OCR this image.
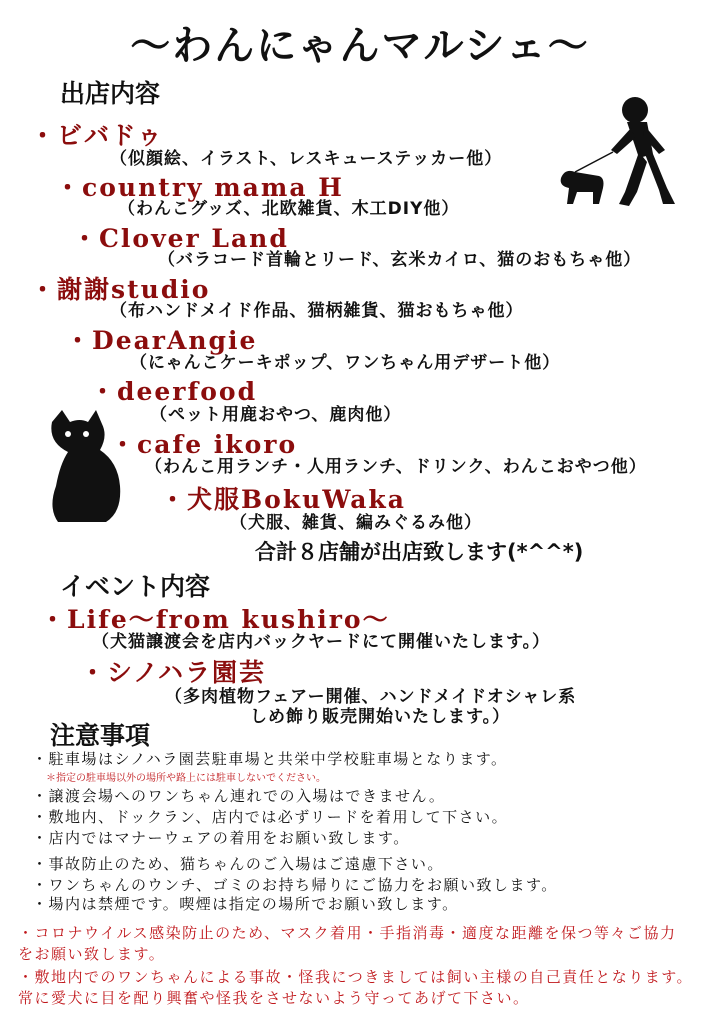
〜わんにゃんマルシェ〜
出店内容
・ ビバドゥ
（似顔絵、イラスト、レスキューステッカー他）
・ country mama H
（わんこグッズ、北欧雑貨、木工DIY他）
・ Clover Land
（バラコード首輪とリード、玄米カイロ、猫のおもちゃ他）
・ 謝謝studio
（布ハンドメイド作品、猫柄雑貨、猫おもちゃ他）
・ DearAngie
（にゃんこケーキポップ、ワンちゃん用デザート他）
・ deerfood
（ペット用鹿おやつ、鹿肉他）
・ cafe ikoro
（わんこ用ランチ・人用ランチ、ドリンク、わんこおやつ他）
・ 犬服BokuWaka
（犬服、雑貨、編みぐるみ他）
合計８店舗が出店致します(*^^*)
イベント内容
・ Life〜from kushiro〜
（犬猫譲渡会を店内バックヤードにて開催いたします。）
・ シノハラ園芸
（多肉植物フェアー開催、ハンドメイドオシャレ系
しめ飾り販売開始いたします。）
注意事項
・駐車場はシノハラ園芸駐車場と共栄中学校駐車場となります。
＊指定の駐車場以外の場所や路上には駐車しないでください。
・譲渡会場へのワンちゃん連れでの入場はできません。
・敷地内、ドックラン、店内では必ずリードを着用して下さい。
・店内ではマナーウェアの着用をお願い致します。
・事故防止のため、猫ちゃんのご入場はご遠慮下さい。
・ワンちゃんのウンチ、ゴミのお持ち帰りにご協力をお願い致します。
・場内は禁煙です。喫煙は指定の場所でお願い致します。
・コロナウイルス感染防止のため、マスク着用・手指消毒・適度な距離を保つ等々ご協力をお願い致します。
・敷地内でのワンちゃんによる事故・怪我につきましては飼い主様の自己責任となります。常に愛犬に目を配り興奮や怪我をさせないよう守ってあげて下さい。
